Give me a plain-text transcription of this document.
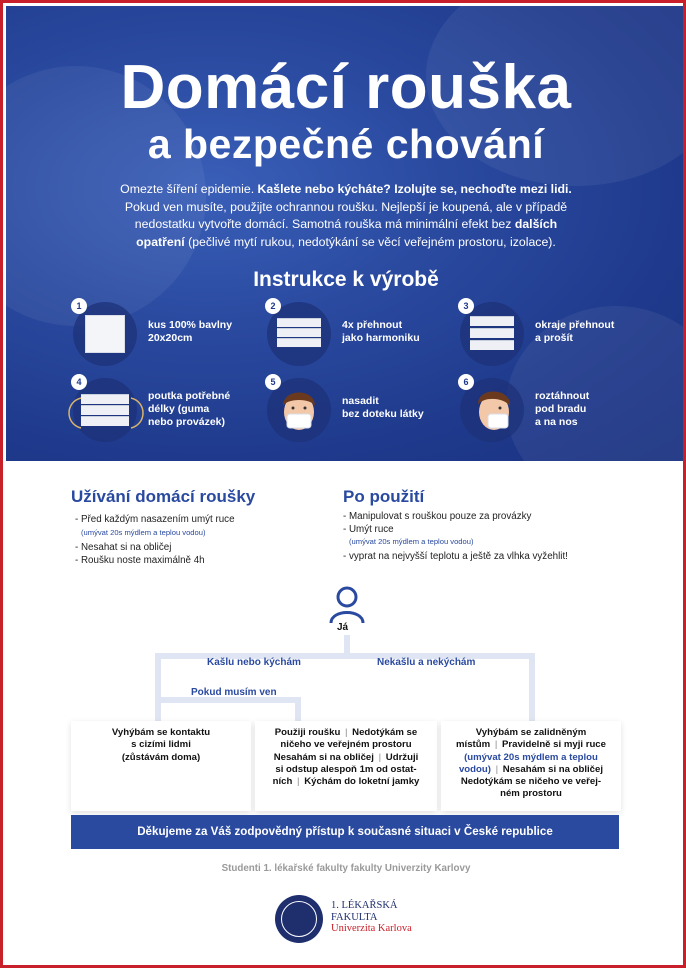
Domácí rouška
a bezpečné chování
Omezte šíření epidemie. Kašlete nebo kýcháte? Izolujte se, nechoďte mezi lidi.
Pokud ven musíte, použijte ochrannou roušku. Nejlepší je koupená, ale v případě
nedostatku vytvořte domácí. Samotná rouška má minimální efekt bez dalších
opatření (pečlivé mytí rukou, nedotýkání se věcí veřejném prostoru, izolace).
Instrukce k výrobě
1
kus 100% bavlny
20x20cm
2
4x přehnout
jako harmoniku
3
okraje přehnout
a prošít
4
poutka potřebné
délky (guma
nebo provázek)
5
nasadit
bez doteku látky
6
roztáhnout
pod bradu
a na nos
Užívání domácí roušky
- Před každým nasazením umýt ruce
(umývat 20s mýdlem a teplou vodou)
- Nesahat si na obličej
- Roušku noste maximálně 4h
Po použití
- Manipulovat s rouškou pouze za provázky
- Umýt ruce
(umývat 20s mýdlem a teplou vodou)
- vyprat na nejvyšší teplotu a ještě za vlhka vyžehlit!
Já
Kašlu nebo kýchám	Nekašlu a nekýchám
Pokud musím ven

Vyhýbám se kontaktu
s cizími lidmi
(zůstávám doma)

Použiji roušku | Nedotýkám se
ničeho ve veřejném prostoru
Nesahám si na obličej | Udržuji
si odstup alespoň 1m od ostat-
ních | Kýchám do loketní jamky

Vyhýbám se zalidněným
místům | Pravidelně si myji ruce
(umývat 20s mýdlem a teplou
vodou) | Nesahám si na obličej
Nedotýkám se ničeho ve veřej-
ném prostoru

Děkujeme za Váš zodpovědný přístup k současné situaci v České republice
Studenti 1. lékařské fakulty fakulty Univerzity Karlovy
1. LÉKAŘSKÁ
FAKULTA
Univerzita Karlova
